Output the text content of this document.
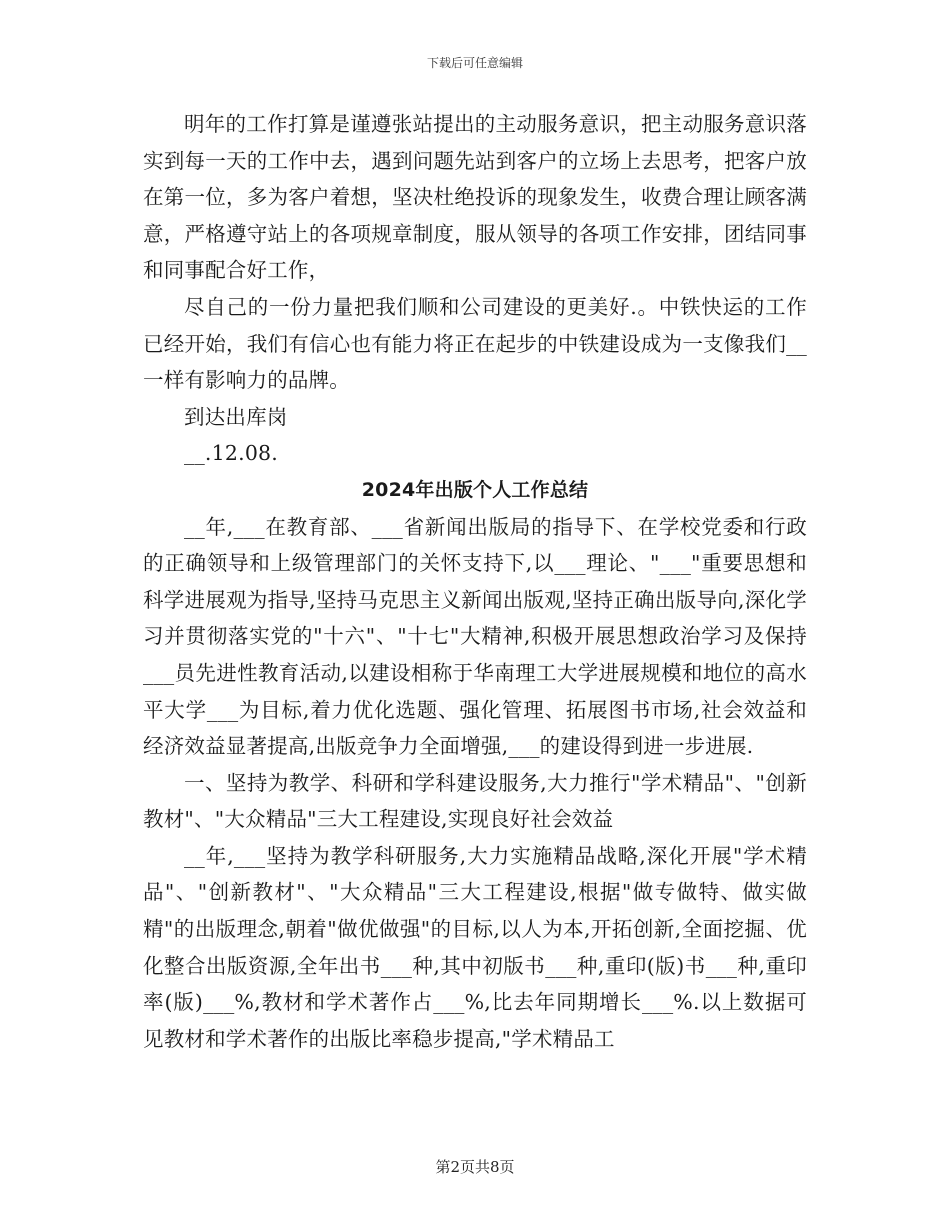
下载后可任意编辑

明年的工作打算是谨遵张站提出的主动服务意识，把主动服务意识落实到每一天的工作中去，遇到问题先站到客户的立场上去思考，把客户放在第一位，多为客户着想，坚决杜绝投诉的现象发生，收费合理让顾客满意，严格遵守站上的各项规章制度，服从领导的各项工作安排，团结同事和同事配合好工作，

尽自己的一份力量把我们顺和公司建设的更美好.。中铁快运的工作已经开始，我们有信心也有能力将正在起步的中铁建设成为一支像我们__一样有影响力的品牌。

到达出库岗

__.12.08.

2024年出版个人工作总结

__年,___在教育部、___省新闻出版局的指导下、在学校党委和行政的正确领导和上级管理部门的关怀支持下,以___理论、"___"重要思想和科学进展观为指导,坚持马克思主义新闻出版观,坚持正确出版导向,深化学习并贯彻落实党的"十六"、"十七"大精神,积极开展思想政治学习及保持___员先进性教育活动,以建设相称于华南理工大学进展规模和地位的高水平大学___为目标,着力优化选题、强化管理、拓展图书市场,社会效益和经济效益显著提高,出版竞争力全面增强,___的建设得到进一步进展.

一、坚持为教学、科研和学科建设服务,大力推行"学术精品"、"创新教材"、"大众精品"三大工程建设,实现良好社会效益

__年,___坚持为教学科研服务,大力实施精品战略,深化开展"学术精品"、"创新教材"、"大众精品"三大工程建设,根据"做专做特、做实做精"的出版理念,朝着"做优做强"的目标,以人为本,开拓创新,全面挖掘、优化整合出版资源,全年出书___种,其中初版书___种,重印(版)书___种,重印率(版)___%,教材和学术著作占___%,比去年同期增长___%.以上数据可见教材和学术著作的出版比率稳步提高,"学术精品工

第2页共8页
